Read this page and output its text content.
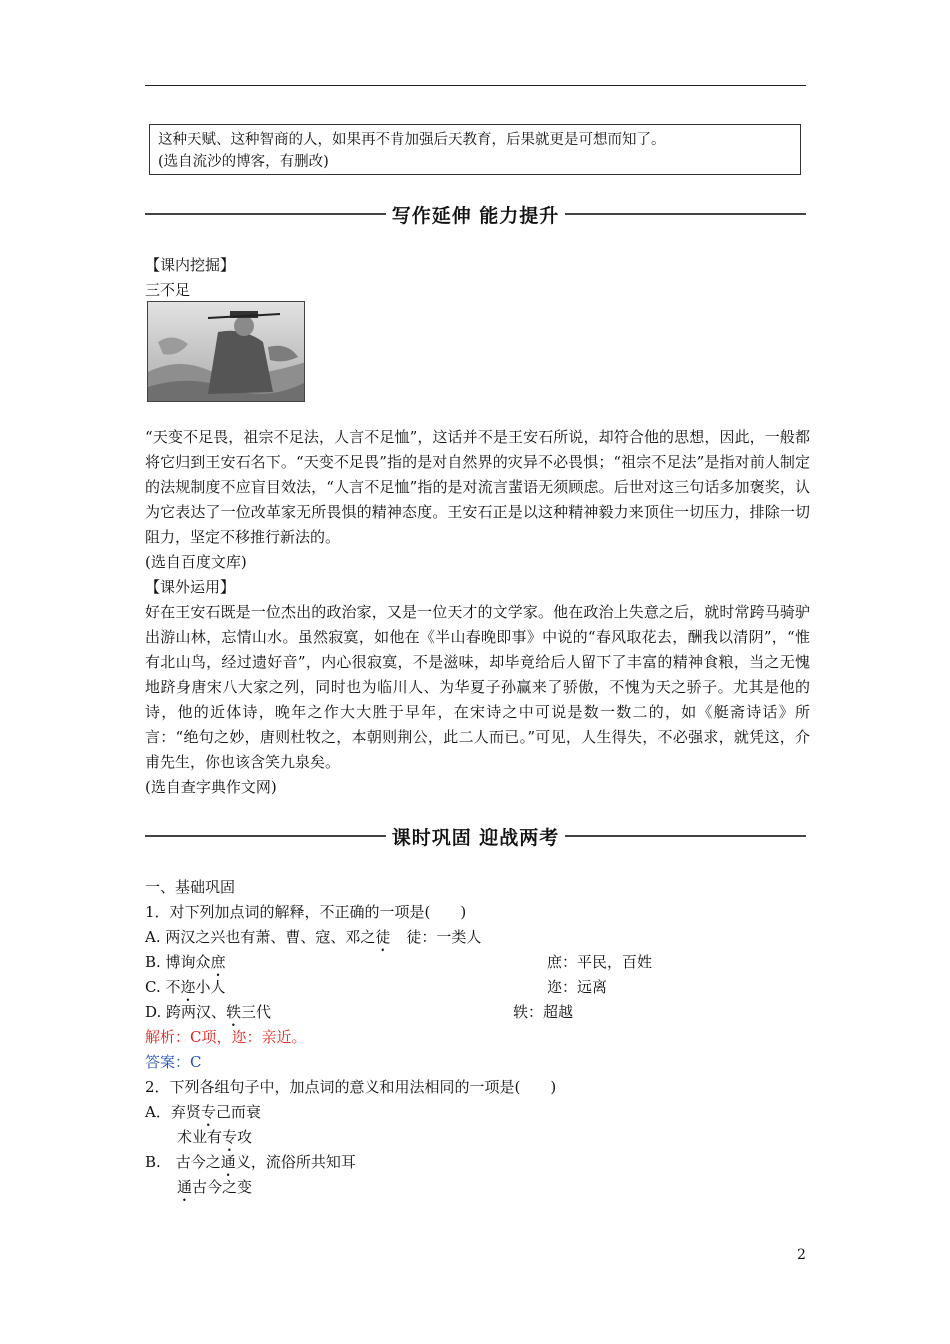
这种天赋、这种智商的人，如果再不肯加强后天教育，后果就更是可想而知了。
(选自流沙的博客，有删改)
写作延伸 能力提升
【课内挖掘】
三不足
“天变不足畏，祖宗不足法，人言不足恤”，这话并不是王安石所说，却符合他的思想，因此，一般都将它归到王安石名下。“天变不足畏”指的是对自然界的灾异不必畏惧；“祖宗不足法”是指对前人制定的法规制度不应盲目效法，“人言不足恤”指的是对流言蜚语无须顾虑。后世对这三句话多加褒奖，认为它表达了一位改革家无所畏惧的精神态度。王安石正是以这种精神毅力来顶住一切压力，排除一切阻力，坚定不移推行新法的。
(选自百度文库)
【课外运用】
好在王安石既是一位杰出的政治家，又是一位天才的文学家。他在政治上失意之后，就时常跨马骑驴出游山林，忘情山水。虽然寂寞，如他在《半山春晚即事》中说的“春风取花去，酬我以清阴”，“惟有北山鸟，经过遗好音”，内心很寂寞，不是滋味，却毕竟给后人留下了丰富的精神食粮，当之无愧地跻身唐宋八大家之列，同时也为临川人、为华夏子孙赢来了骄傲，不愧为天之骄子。尤其是他的诗，他的近体诗，晚年之作大大胜于早年，在宋诗之中可说是数一数二的，如《艇斋诗话》所言：“绝句之妙，唐则杜牧之，本朝则荆公，此二人而已。”可见，人生得失，不必强求，就凭这，介甫先生，你也该含笑九泉矣。
(选自查字典作文网)
课时巩固 迎战两考
一、基础巩固
1．对下列加点词的解释，不正确的一项是(　　)
A. 两汉之兴也有萧、曹、寇、邓之徒 徒：一类人
B. 博询众庶	庶：平民，百姓
C. 不迩小人	迩：远离
D. 跨两汉、轶三代	轶：超越
解析：C项，迩：亲近。
答案：C
2．下列各组句子中，加点词的意义和用法相同的一项是(　　)
A．弃贤专己而衰
术业有专攻
B.　古今之通义，流俗所共知耳
通古今之变
2
